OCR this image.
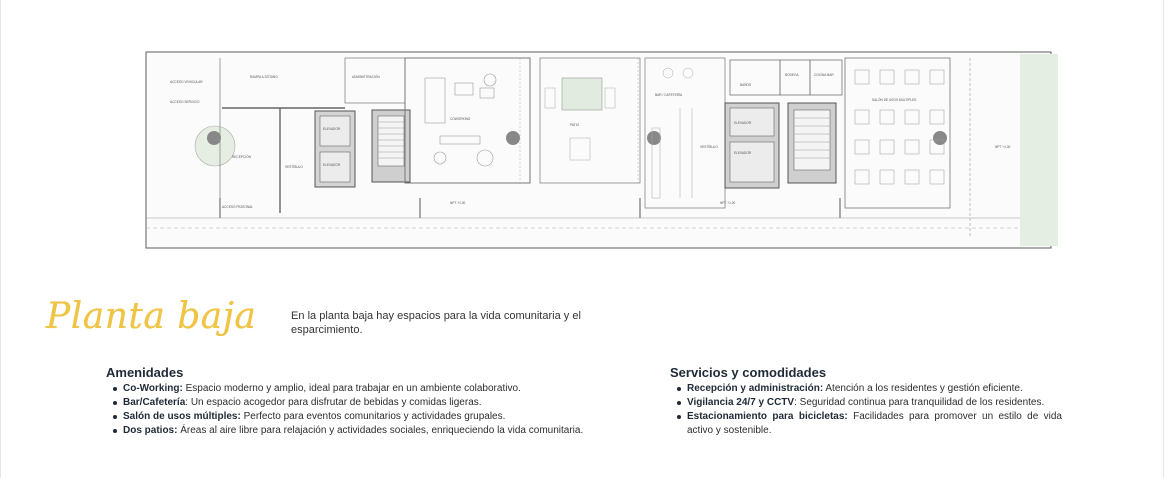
ACCESO VEHICULAR
ACCESO SERVICIO
RAMPA A SÓTANO	ADMINISTRACIÓN
ELEVADOR
ELEVADOR
RECEPCIÓN
VESTÍBULO
COWORKING
PATIO
BAR / CAFETERÍA
BAÑOS
BODEGA	COCINA BAR
SALÓN DE USOS MÚLTIPLES
ELEVADOR
ELEVADOR
VESTÍBULO
ACCESO PEATONAL
NPT +1.00	NPT +1.00
NPT +1.00
Planta baja	En la planta baja hay espacios para la vida comunitaria y el esparcimiento.
Amenidades
Co-Working: Espacio moderno y amplio, ideal para trabajar en un ambiente colaborativo.
Bar/Cafetería: Un espacio acogedor para disfrutar de bebidas y comidas ligeras.
Salón de usos múltiples: Perfecto para eventos comunitarios y actividades grupales.
Dos patios: Áreas al aire libre para relajación y actividades sociales, enriqueciendo la vida comunitaria.
Servicios y comodidades
Recepción y administración: Atención a los residentes y gestión eficiente.
Vigilancia 24/7 y CCTV: Seguridad continua para tranquilidad de los residentes.
Estacionamiento para bicicletas: Facilidades para promover un estilo de vida activo y sostenible.
